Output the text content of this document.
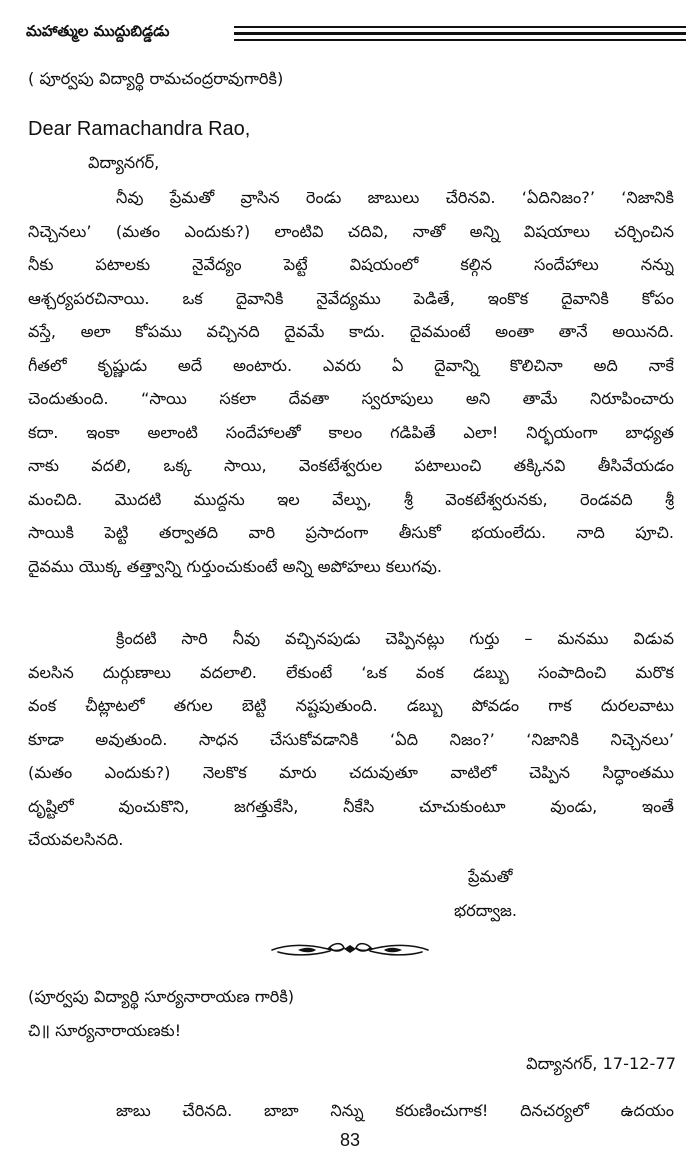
మహాత్ముల ముద్దుబిడ్డడు
( పూర్వపు విద్యార్థి రామచంద్రరావుగారికి)
Dear Ramachandra Rao,
విద్యానగర్,
నీవు ప్రేమతో వ్రాసిన రెండు జాబులు చేరినవి. ‘ఏదినిజం?’ ‘నిజానికి
నిచ్చెనలు’ (మతం ఎందుకు?) లాంటివి చదివి, నాతో అన్ని విషయాలు చర్చించిన
నీకు పటాలకు నైవేద్యం పెట్టే విషయంలో కల్గిన సందేహాలు నన్ను
ఆశ్చర్యపరచినాయి. ఒక దైవానికి నైవేద్యము పెడితే, ఇంకొక దైవానికి కోపం
వస్తే, అలా కోపము వచ్చినది దైవమే కాదు. దైవమంటే అంతా తానే అయినది.
గీతలో కృష్ణుడు అదే అంటారు. ఎవరు ఏ దైవాన్ని కొలిచినా అది నాకే
చెందుతుంది. “సాయి సకలా దేవతా స్వరూపులు అని తామే నిరూపించారు
కదా. ఇంకా అలాంటి సందేహాలతో కాలం గడిపితే ఎలా! నిర్భయంగా బాధ్యత
నాకు వదలి, ఒక్క సాయి, వెంకటేశ్వరుల పటాలుంచి తక్కినవి తీసివేయడం
మంచిది. మొదటి ముద్దను ఇల వేల్పు, శ్రీ వెంకటేశ్వరునకు, రెండవది శ్రీ
సాయికి పెట్టి తర్వాతది వారి ప్రసాదంగా తీసుకో భయంలేదు. నాది పూచి.
దైవము యొక్క తత్త్వాన్ని గుర్తుంచుకుంటే అన్ని అపోహలు కలుగవు.
క్రిందటి సారి నీవు వచ్చినపుడు చెప్పినట్లు గుర్తు – మనము విడువ
వలసిన దుర్గుణాలు వదలాలి. లేకుంటే ‘ఒక వంక డబ్బు సంపాదించి మరొక
వంక చీట్లాటలో తగుల బెట్టి నష్టపుతుంది. డబ్బు పోవడం గాక దురలవాటు
కూడా అవుతుంది. సాధన చేసుకోవడానికి ‘ఏది నిజం?’ ‘నిజానికి నిచ్చెనలు’
(మతం ఎందుకు?) నెలకొక మారు చదువుతూ వాటిలో చెప్పిన సిద్ధాంతము
దృష్టిలో వుంచుకొని, జగత్తుకేసి, నీకేసి చూచుకుంటూ వుండు, ఇంతే
చేయవలసినది.
ప్రేమతో
భరద్వాజ.
(పూర్వపు విద్యార్థి సూర్యనారాయణ గారికి)
చి॥ సూర్యనారాయణకు!
విద్యానగర్, 17-12-77
జాబు చేరినది. బాబా నిన్ను కరుణించుగాక! దినచర్యలో ఉదయం
83
